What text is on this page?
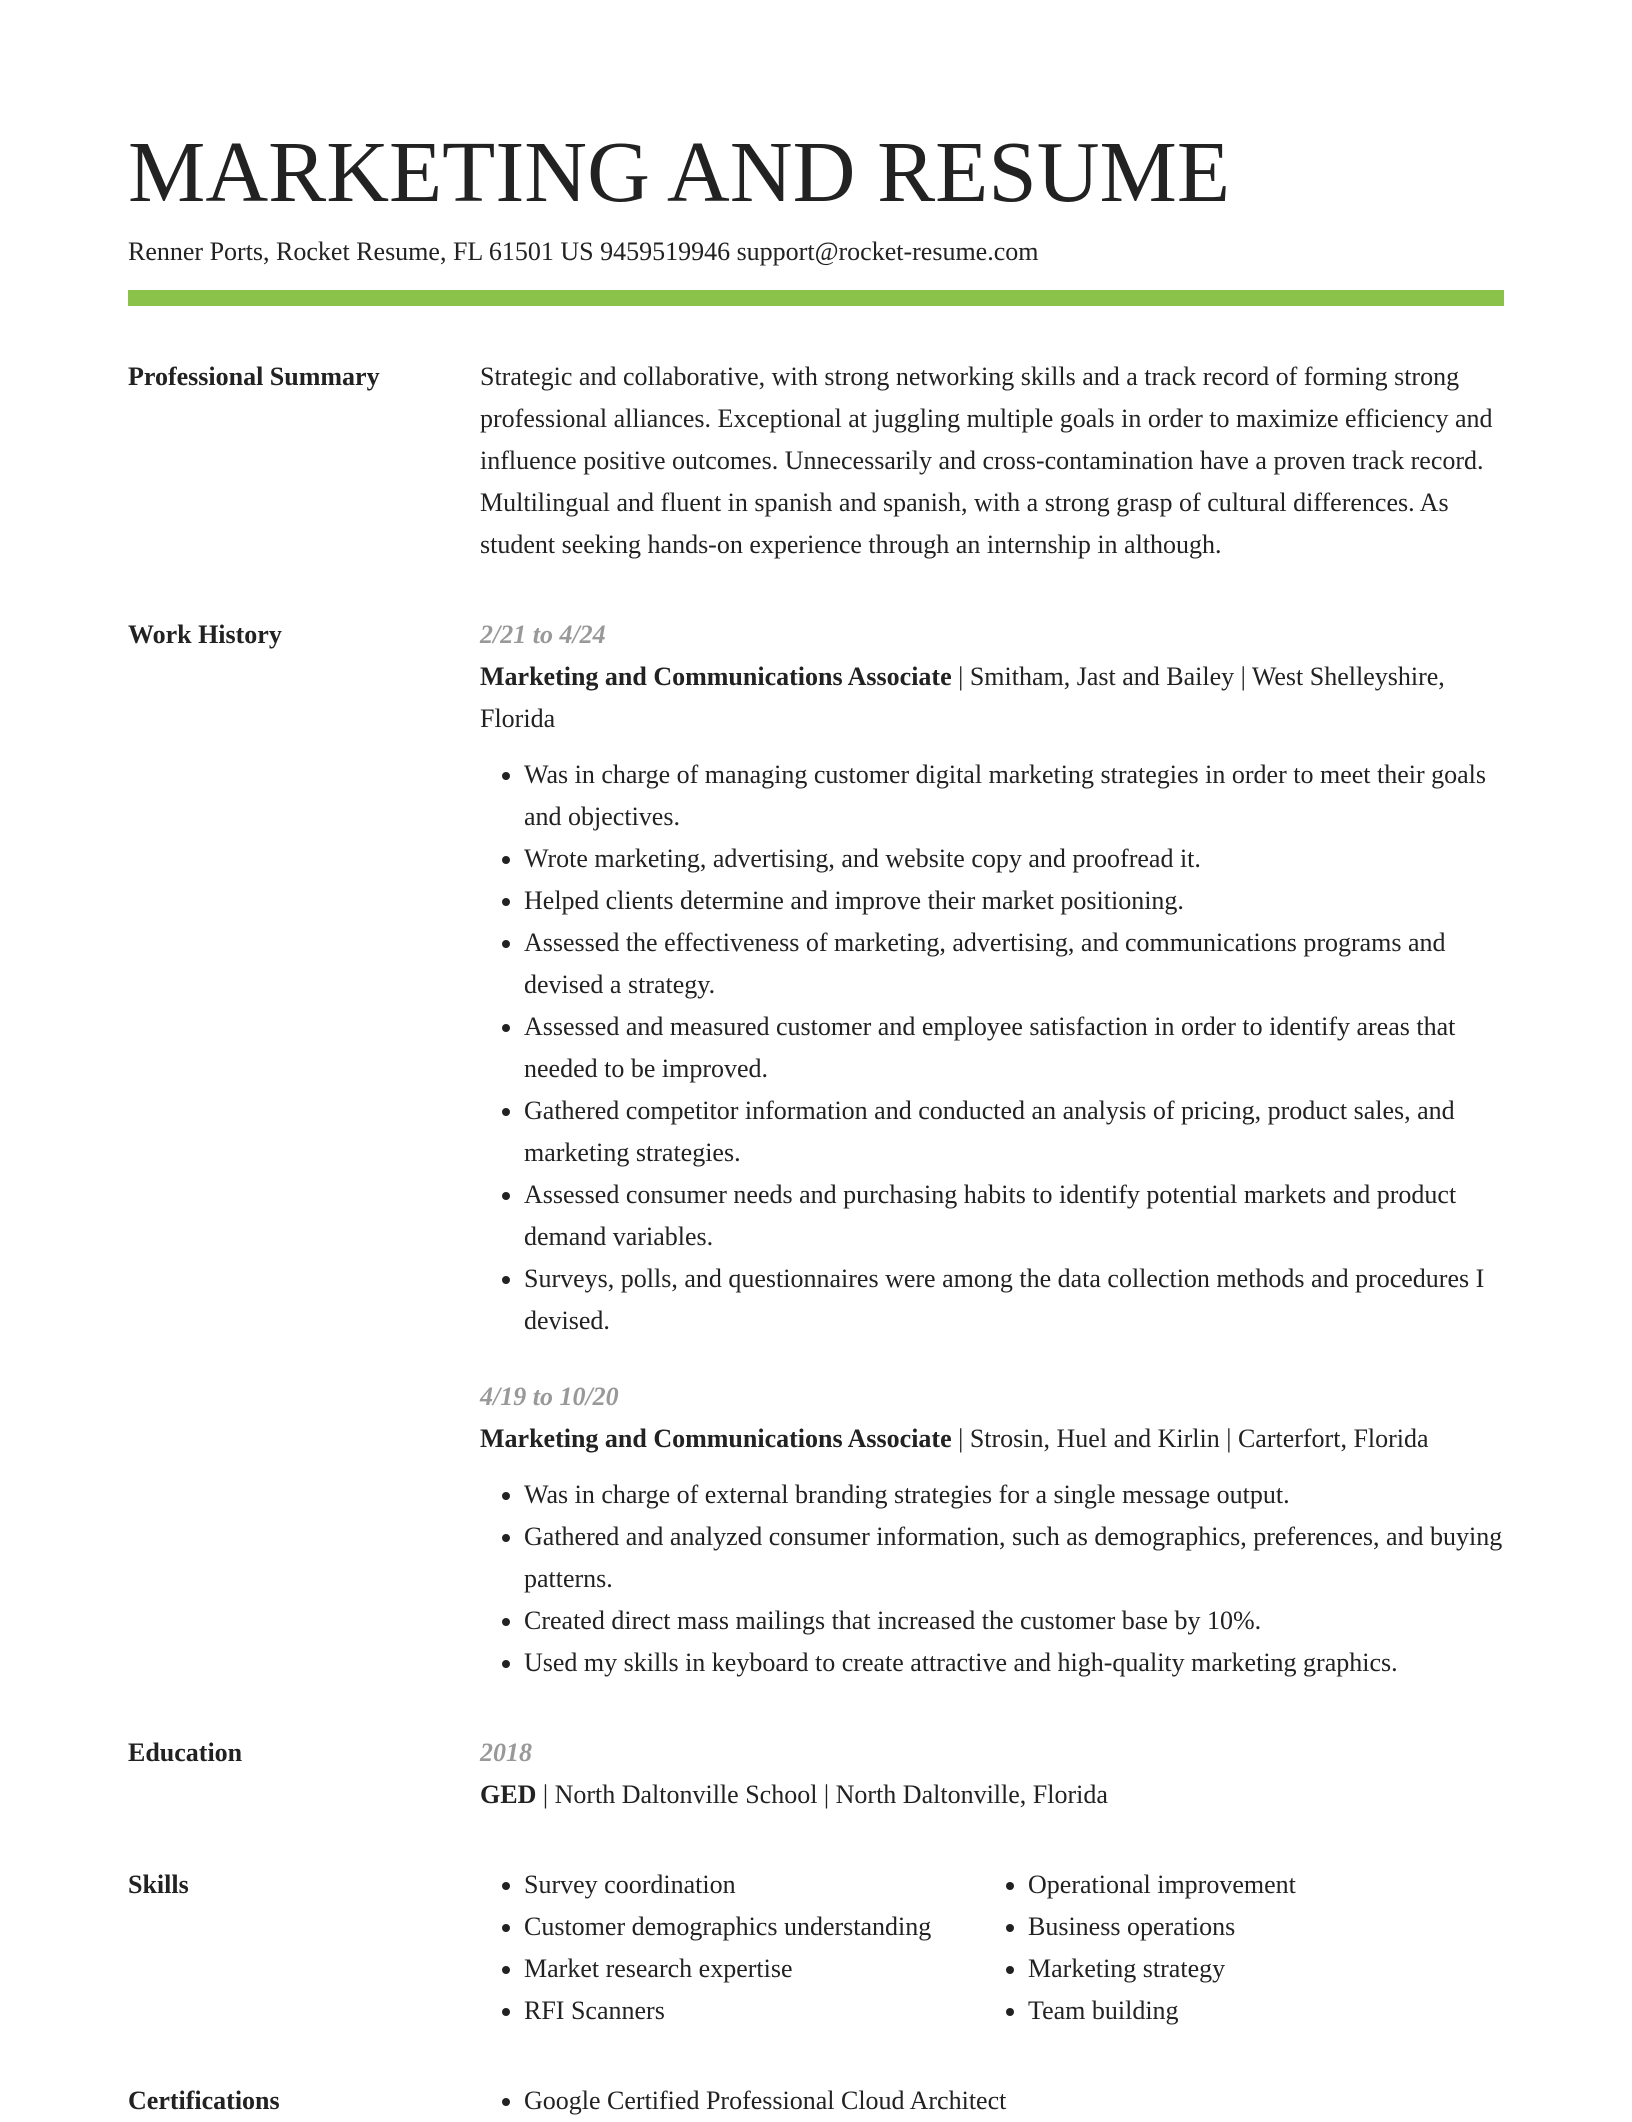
MARKETING AND RESUME
Renner Ports, Rocket Resume, FL 61501 US 9459519946 support@rocket-resume.com
Professional Summary	Strategic and collaborative, with strong networking skills and a track record of forming strong professional alliances. Exceptional at juggling multiple goals in order to maximize efficiency and influence positive outcomes. Unnecessarily and cross-contamination have a proven track record. Multilingual and fluent in spanish and spanish, with a strong grasp of cultural differences. As student seeking hands-on experience through an internship in although.
Work History	2/21 to 4/24
Marketing and Communications Associate | Smitham, Jast and Bailey | West Shelleyshire, Florida
• Was in charge of managing customer digital marketing strategies in order to meet their goals and objectives.
• Wrote marketing, advertising, and website copy and proofread it.
• Helped clients determine and improve their market positioning.
• Assessed the effectiveness of marketing, advertising, and communications programs and devised a strategy.
• Assessed and measured customer and employee satisfaction in order to identify areas that needed to be improved.
• Gathered competitor information and conducted an analysis of pricing, product sales, and marketing strategies.
• Assessed consumer needs and purchasing habits to identify potential markets and product demand variables.
• Surveys, polls, and questionnaires were among the data collection methods and procedures I devised.
4/19 to 10/20
Marketing and Communications Associate | Strosin, Huel and Kirlin | Carterfort, Florida
• Was in charge of external branding strategies for a single message output.
• Gathered and analyzed consumer information, such as demographics, preferences, and buying patterns.
• Created direct mass mailings that increased the customer base by 10%.
• Used my skills in keyboard to create attractive and high-quality marketing graphics.
Education	2018
GED | North Daltonville School | North Daltonville, Florida
Skills	• Survey coordination
• Customer demographics understanding
• Market research expertise
• RFI Scanners
• Operational improvement
• Business operations
• Marketing strategy
• Team building
Certifications	• Google Certified Professional Cloud Architect
